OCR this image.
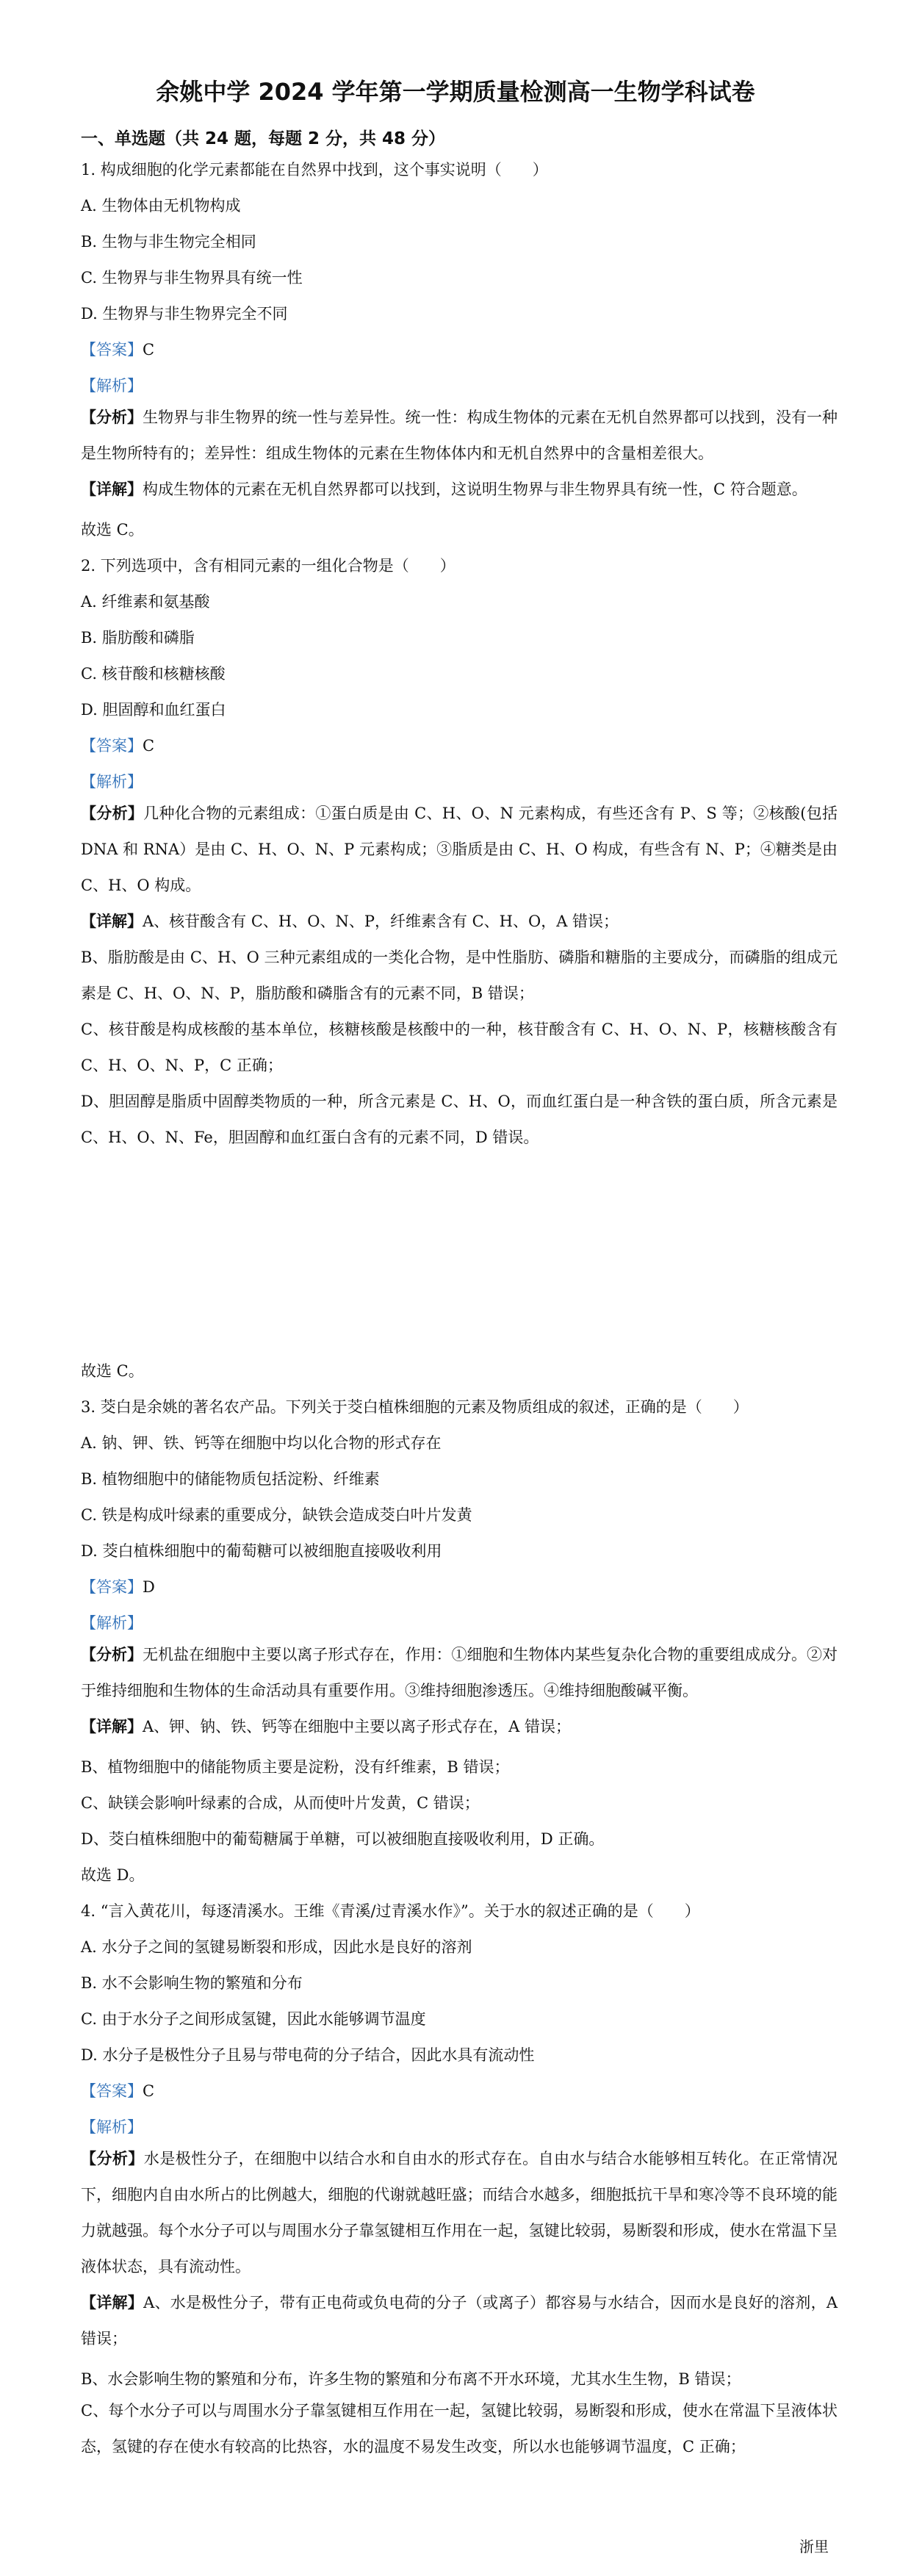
余姚中学 2024 学年第一学期质量检测高一生物学科试卷
一、单选题（共 24 题，每题 2 分，共 48 分）
1. 构成细胞的化学元素都能在自然界中找到，这个事实说明（　　）
A. 生物体由无机物构成
B. 生物与非生物完全相同
C. 生物界与非生物界具有统一性
D. 生物界与非生物界完全不同
【答案】C
【解析】
【分析】生物界与非生物界的统一性与差异性。统一性：构成生物体的元素在无机自然界都可以找到，没有一种是生物所特有的；差异性：组成生物体的元素在生物体体内和无机自然界中的含量相差很大。
【详解】构成生物体的元素在无机自然界都可以找到，这说明生物界与非生物界具有统一性，C 符合题意。
故选 C。
2. 下列选项中，含有相同元素的一组化合物是（　　）
A. 纤维素和氨基酸
B. 脂肪酸和磷脂
C. 核苷酸和核糖核酸
D. 胆固醇和血红蛋白
【答案】C
【解析】
【分析】几种化合物的元素组成：①蛋白质是由 C、H、O、N 元素构成，有些还含有 P、S 等；②核酸(包括 DNA 和 RNA）是由 C、H、O、N、P 元素构成；③脂质是由 C、H、O 构成，有些含有 N、P；④糖类是由 C、H、O 构成。
【详解】A、核苷酸含有 C、H、O、N、P，纤维素含有 C、H、O，A 错误；
B、脂肪酸是由 C、H、O 三种元素组成的一类化合物，是中性脂肪、磷脂和糖脂的主要成分，而磷脂的组成元素是 C、H、O、N、P，脂肪酸和磷脂含有的元素不同，B 错误；
C、核苷酸是构成核酸的基本单位，核糖核酸是核酸中的一种，核苷酸含有 C、H、O、N、P，核糖核酸含有 C、H、O、N、P，C 正确；
D、胆固醇是脂质中固醇类物质的一种，所含元素是 C、H、O，而血红蛋白是一种含铁的蛋白质，所含元素是 C、H、O、N、Fe，胆固醇和血红蛋白含有的元素不同，D 错误。
故选 C。
3. 茭白是余姚的著名农产品。下列关于茭白植株细胞的元素及物质组成的叙述，正确的是（　　）
A. 钠、钾、铁、钙等在细胞中均以化合物的形式存在
B. 植物细胞中的储能物质包括淀粉、纤维素
C. 铁是构成叶绿素的重要成分，缺铁会造成茭白叶片发黄
D. 茭白植株细胞中的葡萄糖可以被细胞直接吸收利用
【答案】D
【解析】
【分析】无机盐在细胞中主要以离子形式存在，作用：①细胞和生物体内某些复杂化合物的重要组成成分。②对于维持细胞和生物体的生命活动具有重要作用。③维持细胞渗透压。④维持细胞酸碱平衡。
【详解】A、钾、钠、铁、钙等在细胞中主要以离子形式存在，A 错误；
B、植物细胞中的储能物质主要是淀粉，没有纤维素，B 错误；
C、缺镁会影响叶绿素的合成，从而使叶片发黄，C 错误；
D、茭白植株细胞中的葡萄糖属于单糖，可以被细胞直接吸收利用，D 正确。
故选 D。
4. “言入黄花川，每逐清溪水。王维《青溪/过青溪水作》”。关于水的叙述正确的是（　　）
A. 水分子之间的氢键易断裂和形成，因此水是良好的溶剂
B. 水不会影响生物的繁殖和分布
C. 由于水分子之间形成氢键，因此水能够调节温度
D. 水分子是极性分子且易与带电荷的分子结合，因此水具有流动性
【答案】C
【解析】
【分析】水是极性分子，在细胞中以结合水和自由水的形式存在。自由水与结合水能够相互转化。在正常情况下，细胞内自由水所占的比例越大，细胞的代谢就越旺盛；而结合水越多，细胞抵抗干旱和寒冷等不良环境的能力就越强。每个水分子可以与周围水分子靠氢键相互作用在一起，氢键比较弱，易断裂和形成，使水在常温下呈液体状态，具有流动性。
【详解】A、水是极性分子，带有正电荷或负电荷的分子（或离子）都容易与水结合，因而水是良好的溶剂，A 错误；
B、水会影响生物的繁殖和分布，许多生物的繁殖和分布离不开水环境，尤其水生生物，B 错误；
C、每个水分子可以与周围水分子靠氢键相互作用在一起，氢键比较弱，易断裂和形成，使水在常温下呈液体状态，氢键的存在使水有较高的比热容，水的温度不易发生改变，所以水也能够调节温度，C 正确；
浙里
